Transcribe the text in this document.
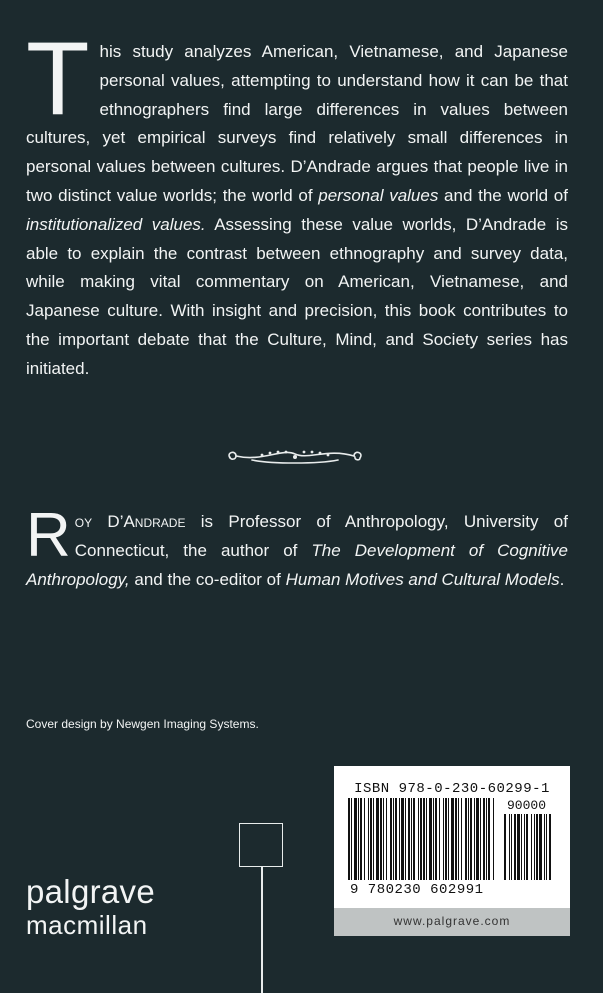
This study analyzes American, Vietnamese, and Japanese personal values, attempting to understand how it can be that ethnographers find large differences in values between cultures, yet empirical surveys find relatively small differences in personal values between cultures. D’Andrade argues that people live in two distinct value worlds; the world of personal values and the world of institutionalized values. Assessing these value worlds, D’Andrade is able to explain the contrast between ethnography and survey data, while making vital commentary on American, Vietnamese, and Japanese culture. With insight and precision, this book contributes to the important debate that the Culture, Mind, and Society series has initiated.

Roy D’Andrade is Professor of Anthropology, University of Connecticut, the author of The Development of Cognitive Anthropology, and the co-editor of Human Motives and Cultural Models.

Cover design by Newgen Imaging Systems.

palgrave

macmillan

ISBN 978-0-230-60299-1
90000
9 780230 602991
www.palgrave.com
